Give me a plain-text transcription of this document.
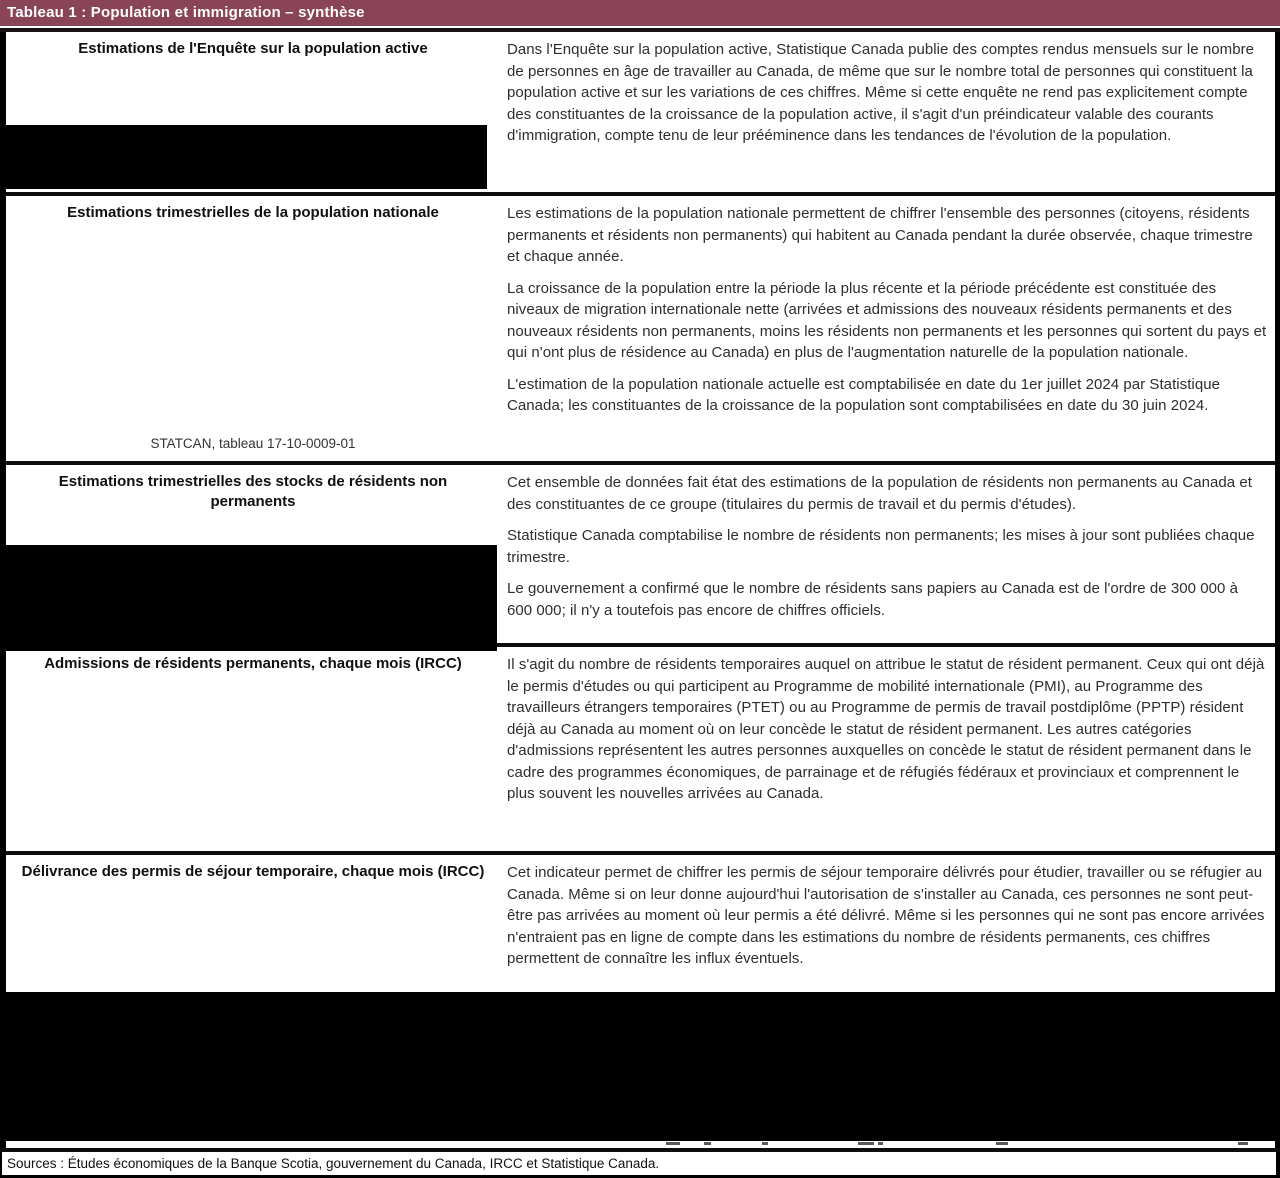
Tableau 1 : Population et immigration – synthèse
Estimations de l'Enquête sur la population active	Dans l'Enquête sur la population active, Statistique Canada publie des comptes rendus mensuels sur le nombre de personnes en âge de travailler au Canada, de même que sur le nombre total de personnes qui constituent la population active et sur les variations de ces chiffres. Même si cette enquête ne rend pas explicitement compte des constituantes de la croissance de la population active, il s'agit d'un préindicateur valable des courants d'immigration, compte tenu de leur prééminence dans les tendances de l'évolution de la population.

Estimations trimestrielles de la population nationale
STATCAN, tableau 17-10-0009-01

Les estimations de la population nationale permettent de chiffrer l'ensemble des personnes (citoyens, résidents permanents et résidents non permanents) qui habitent au Canada pendant la durée observée, chaque trimestre et chaque année.

La croissance de la population entre la période la plus récente et la période précédente est constituée des niveaux de migration internationale nette (arrivées et admissions des nouveaux résidents permanents et des nouveaux résidents non permanents, moins les résidents non permanents et les personnes qui sortent du pays et qui n'ont plus de résidence au Canada) en plus de l'augmentation naturelle de la population nationale.

L'estimation de la population nationale actuelle est comptabilisée en date du 1er juillet 2024 par Statistique Canada; les constituantes de la croissance de la population sont comptabilisées en date du 30 juin 2024.

Estimations trimestrielles des stocks de résidents non permanents

Cet ensemble de données fait état des estimations de la population de résidents non permanents au Canada et des constituantes de ce groupe (titulaires du permis de travail et du permis d'études).

Statistique Canada comptabilise le nombre de résidents non permanents; les mises à jour sont publiées chaque trimestre.

Le gouvernement a confirmé que le nombre de résidents sans papiers au Canada est de l'ordre de 300 000 à 600 000; il n'y a toutefois pas encore de chiffres officiels.

Admissions de résidents permanents, chaque mois (IRCC)	Il s'agit du nombre de résidents temporaires auquel on attribue le statut de résident permanent. Ceux qui ont déjà le permis d'études ou qui participent au Programme de mobilité internationale (PMI), au Programme des travailleurs étrangers temporaires (PTET) ou au Programme de permis de travail postdiplôme (PPTP) résident déjà au Canada au moment où on leur concède le statut de résident permanent. Les autres catégories d'admissions représentent les autres personnes auxquelles on concède le statut de résident permanent dans le cadre des programmes économiques, de parrainage et de réfugiés fédéraux et provinciaux et comprennent le plus souvent les nouvelles arrivées au Canada.

Délivrance des permis de séjour temporaire, chaque mois (IRCC) Cet indicateur permet de chiffrer les permis de séjour temporaire délivrés pour étudier, travailler ou se réfugier au Canada. Même si on leur donne aujourd'hui l'autorisation de s'installer au Canada, ces personnes ne sont peut-être pas arrivées au moment où leur permis a été délivré. Même si les personnes qui ne sont pas encore arrivées n'entraient pas en ligne de compte dans les estimations du nombre de résidents permanents, ces chiffres permettent de connaître les influx éventuels.

Sources : Études économiques de la Banque Scotia, gouvernement du Canada, IRCC et Statistique Canada.
